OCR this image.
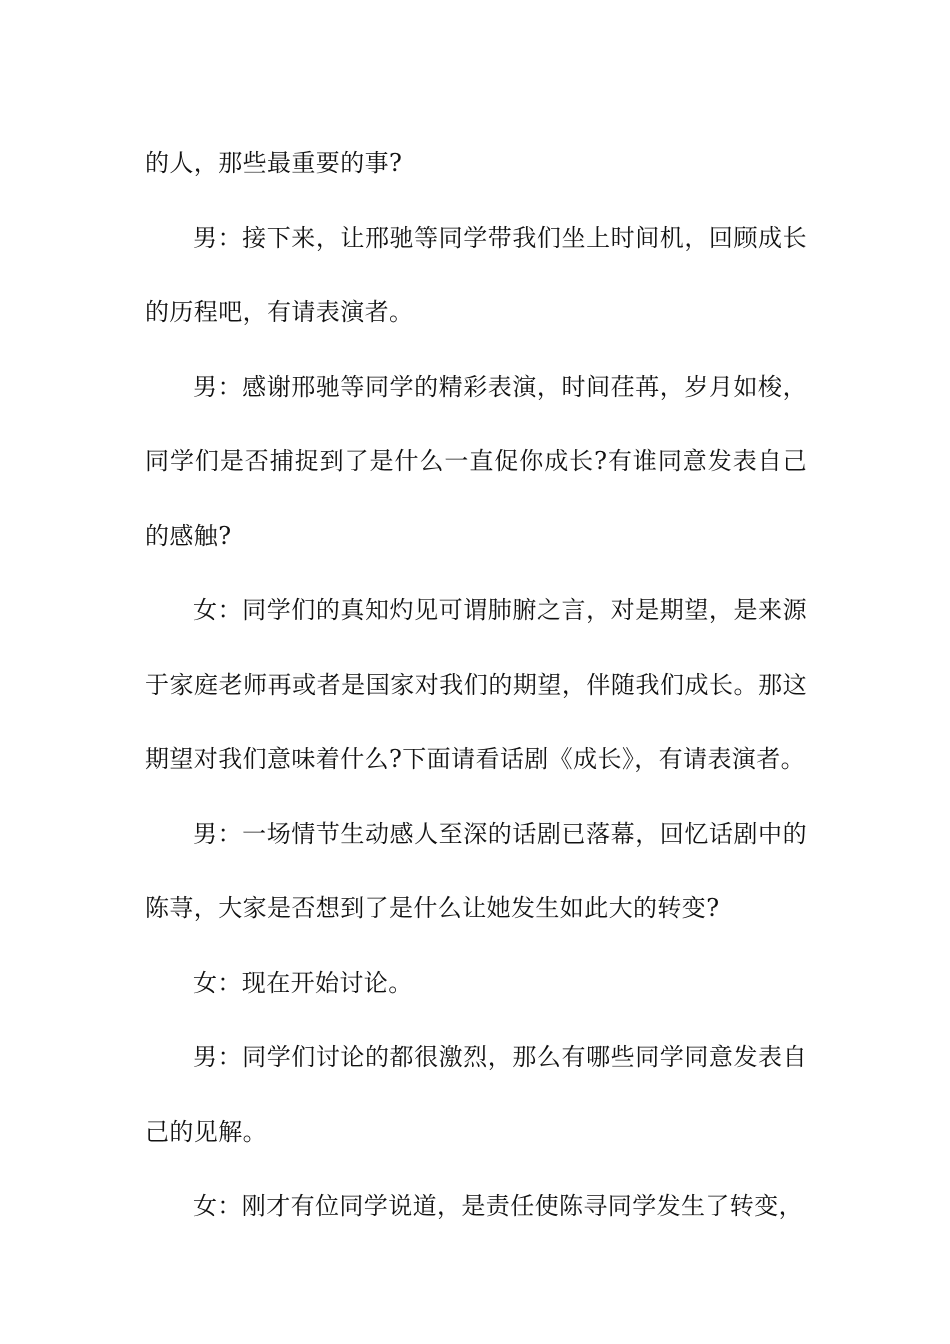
的人，那些最重要的事?

男：接下来，让邢驰等同学带我们坐上时间机，回顾成长的历程吧，有请表演者。

男：感谢邢驰等同学的精彩表演，时间荏苒，岁月如梭，同学们是否捕捉到了是什么一直促你成长?有谁同意发表自己的感触?

女：同学们的真知灼见可谓肺腑之言，对是期望，是来源于家庭老师再或者是国家对我们的期望，伴随我们成长。那这期望对我们意味着什么?下面请看话剧《成长》，有请表演者。

男：一场情节生动感人至深的话剧已落幕，回忆话剧中的陈荨，大家是否想到了是什么让她发生如此大的转变?

女：现在开始讨论。

男：同学们讨论的都很激烈，那么有哪些同学同意发表自己的见解。

女：刚才有位同学说道，是责任使陈寻同学发生了转变，
